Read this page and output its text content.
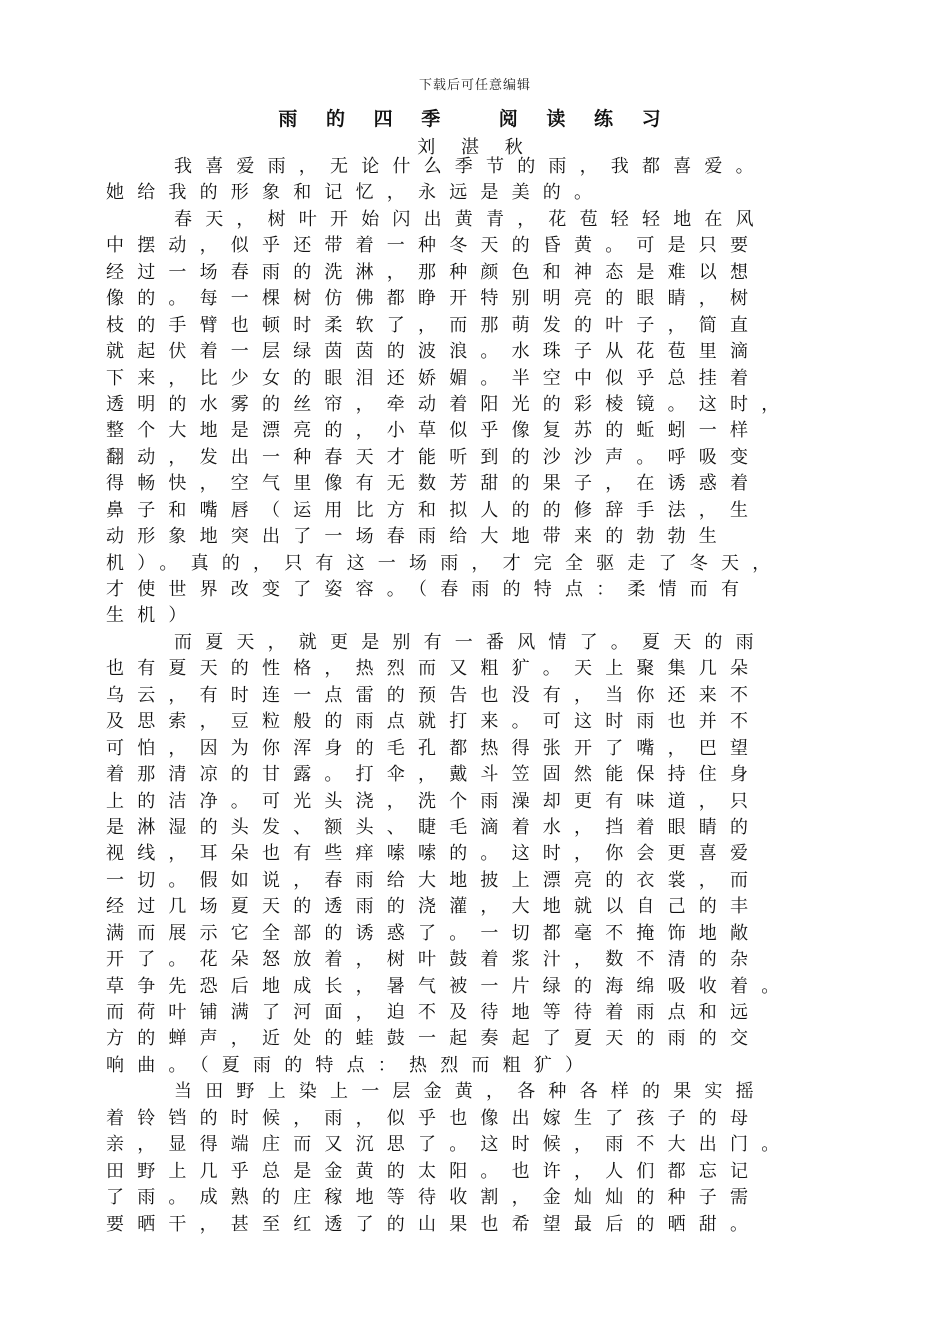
下载后可任意编辑
雨 的 四 季　 阅 读 练 习
刘 湛 秋
我喜爱雨，无论什么季节的雨，我都喜爱。
她给我的形象和记忆，永远是美的。
春天，树叶开始闪出黄青，花苞轻轻地在风
中摆动，似乎还带着一种冬天的昏黄。可是只要
经过一场春雨的洗淋，那种颜色和神态是难以想
像的。每一棵树仿佛都睁开特别明亮的眼睛，树
枝的手臂也顿时柔软了，而那萌发的叶子，简直
就起伏着一层绿茵茵的波浪。水珠子从花苞里滴
下来，比少女的眼泪还娇媚。半空中似乎总挂着
透明的水雾的丝帘，牵动着阳光的彩棱镜。这时，
整个大地是漂亮的，小草似乎像复苏的蚯蚓一样
翻动，发出一种春天才能听到的沙沙声。呼吸变
得畅快，空气里像有无数芳甜的果子，在诱惑着
鼻子和嘴唇（运用比方和拟人的的修辞手法，生
动形象地突出了一场春雨给大地带来的勃勃生
机）。真的，只有这一场雨，才完全驱走了冬天，
才使世界改变了姿容。（春雨的特点：柔情而有
生机）
而夏天，就更是别有一番风情了。夏天的雨
也有夏天的性格，热烈而又粗犷。天上聚集几朵
乌云，有时连一点雷的预告也没有，当你还来不
及思索，豆粒般的雨点就打来。可这时雨也并不
可怕，因为你浑身的毛孔都热得张开了嘴，巴望
着那清凉的甘露。打伞，戴斗笠固然能保持住身
上的洁净。可光头浇，洗个雨澡却更有味道，只
是淋湿的头发、额头、睫毛滴着水，挡着眼睛的
视线，耳朵也有些痒嗦嗦的。这时，你会更喜爱
一切。假如说，春雨给大地披上漂亮的衣裳，而
经过几场夏天的透雨的浇灌，大地就以自己的丰
满而展示它全部的诱惑了。一切都毫不掩饰地敞
开了。花朵怒放着，树叶鼓着浆汁，数不清的杂
草争先恐后地成长，暑气被一片绿的海绵吸收着。
而荷叶铺满了河面，迫不及待地等待着雨点和远
方的蝉声，近处的蛙鼓一起奏起了夏天的雨的交
响曲。（夏雨的特点：热烈而粗犷）
当田野上染上一层金黄，各种各样的果实摇
着铃铛的时候，雨，似乎也像出嫁生了孩子的母
亲，显得端庄而又沉思了。这时候，雨不大出门。
田野上几乎总是金黄的太阳。也许，人们都忘记
了雨。成熟的庄稼地等待收割，金灿灿的种子需
要晒干，甚至红透了的山果也希望最后的晒甜。
